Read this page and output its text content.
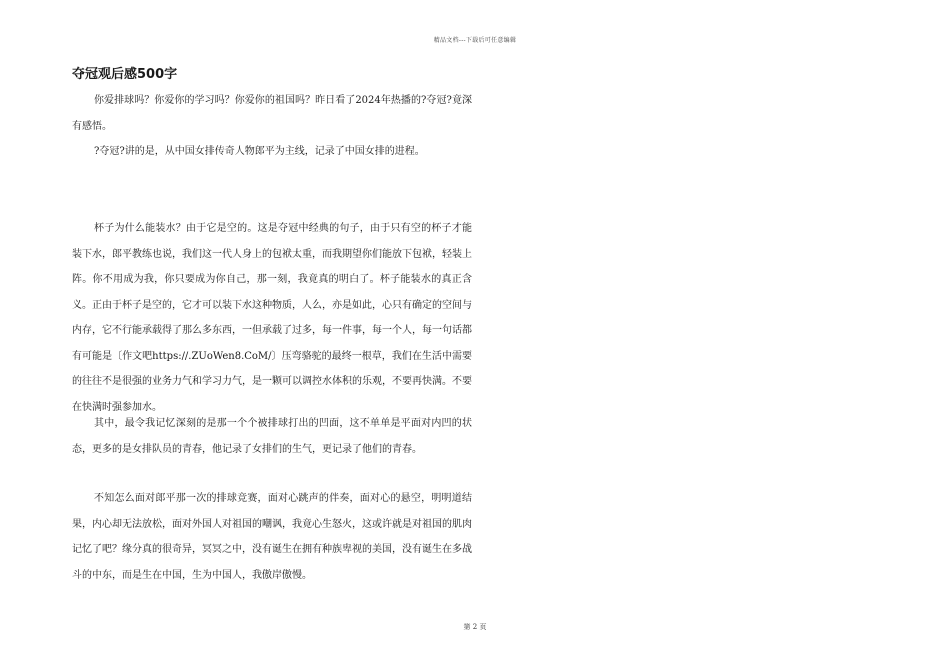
精品文档---下载后可任意编辑
夺冠观后感500字

你爱排球吗？你爱你的学习吗？你爱你的祖国吗？昨日看了2024年热播的?夺冠?竟深有感悟。

?夺冠?讲的是，从中国女排传奇人物郎平为主线，记录了中国女排的进程。

杯子为什么能装水？由于它是空的。这是夺冠中经典的句子，由于只有空的杯子才能装下水，郎平教练也说，我们这一代人身上的包袱太重，而我期望你们能放下包袱，轻装上阵。你不用成为我，你只要成为你自己，那一刻，我竟真的明白了。杯子能装水的真正含义。正由于杯子是空的，它才可以装下水这种物质，人么，亦是如此，心只有确定的空间与内存，它不行能承载得了那么多东西，一但承载了过多，每一件事，每一个人，每一句话都有可能是〔作文吧https://.ZUoWen8.CoM/〕压弯骆驼的最终一根草，我们在生活中需要的往往不是很强的业务力气和学习力气，是一颗可以调控水体积的乐观，不要再快满。不要在快满时强参加水。

其中，最令我记忆深刻的是那一个个被排球打出的凹面，这不单单是平面对内凹的状态，更多的是女排队员的青春，他记录了女排们的生气，更记录了他们的青春。

不知怎么面对郎平那一次的排球竞赛，面对心跳声的伴奏，面对心的悬空，明明道结果，内心却无法放松，面对外国人对祖国的嘲讽，我竟心生怒火，这或许就是对祖国的肌肉记忆了吧？缘分真的很奇异，冥冥之中，没有诞生在拥有种族卑视的美国，没有诞生在多战斗的中东，而是生在中国，生为中国人，我傲岸傲慢。

第 2 页
